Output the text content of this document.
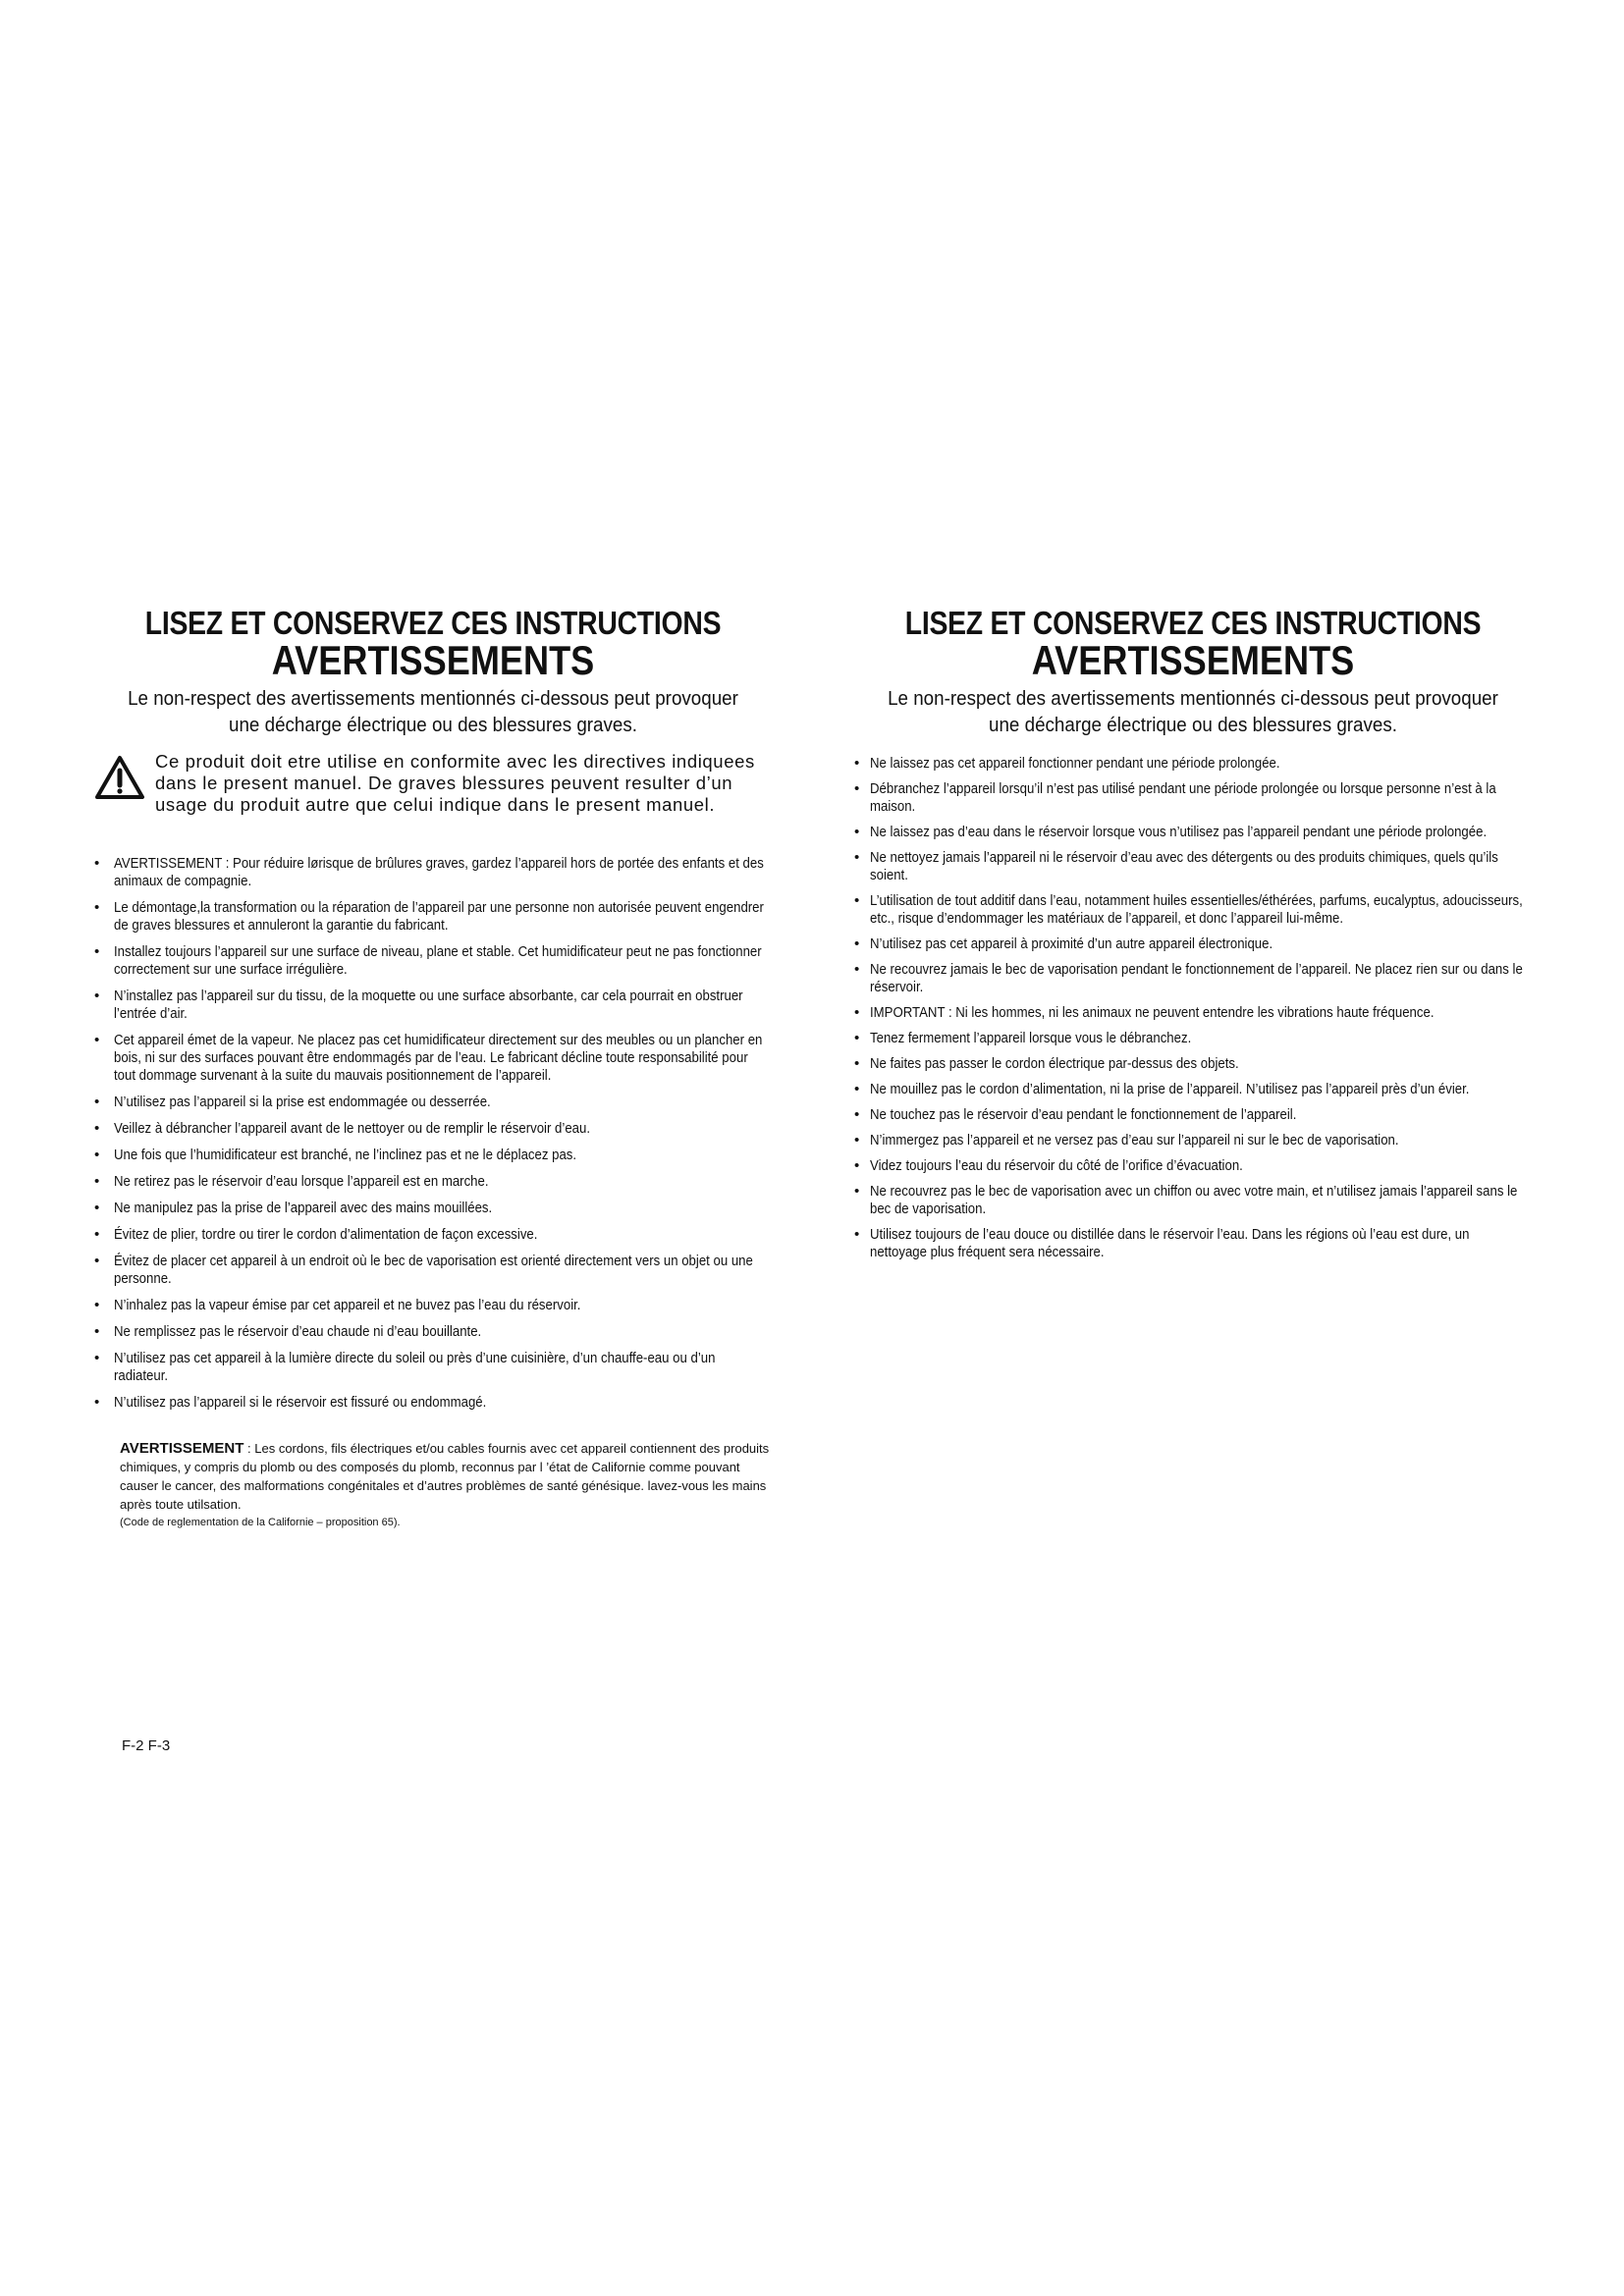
LISEZ ET CONSERVEZ CES INSTRUCTIONS
AVERTISSEMENTS

Le non-respect des avertissements mentionnés ci-dessous peut provoquer
une décharge électrique ou des blessures graves.

Ce produit doit etre utilise en conformite avec les directives indiquees dans le present manuel. De graves blessures peuvent resulter d’un usage du produit autre que celui indique dans le present manuel.
• AVERTISSEMENT : Pour réduire lørisque de brûlures graves, gardez l’appareil hors de portée des enfants et des animaux de compagnie.
• Le démontage,la transformation ou la réparation de l’appareil par une personne non autorisée peuvent engendrer de graves blessures et annuleront la garantie du fabricant.
• Installez toujours l’appareil sur une surface de niveau, plane et stable. Cet humidificateur peut ne pas fonctionner correctement sur une surface irrégulière.
• N’installez pas l’appareil sur du tissu, de la moquette ou une surface absorbante, car cela pourrait en obstruer l’entrée d’air.
• Cet appareil émet de la vapeur. Ne placez pas cet humidificateur directement sur des meubles ou un plancher en bois, ni sur des surfaces pouvant être endommagés par de l’eau. Le fabricant décline toute responsabilité pour tout dommage survenant à la suite du mauvais positionnement de l’appareil.
• N’utilisez pas l’appareil si la prise est endommagée ou desserrée.
• Veillez à débrancher l’appareil avant de le nettoyer ou de remplir le réservoir d’eau.
• Une fois que l’humidificateur est branché, ne l’inclinez pas et ne le déplacez pas.
• Ne retirez pas le réservoir d’eau lorsque l’appareil est en marche.
• Ne manipulez pas la prise de l’appareil avec des mains mouillées.
• Évitez de plier, tordre ou tirer le cordon d’alimentation de façon excessive.
• Évitez de placer cet appareil à un endroit où le bec de vaporisation est orienté directement vers un objet ou une personne.
• N’inhalez pas la vapeur émise par cet appareil et ne buvez pas l’eau du réservoir.
• Ne remplissez pas le réservoir d’eau chaude ni d’eau bouillante.
• N’utilisez pas cet appareil à la lumière directe du soleil ou près d’une cuisinière, d’un chauffe-eau ou d’un radiateur.
• N’utilisez pas l’appareil si le réservoir est fissuré ou endommagé.
AVERTISSEMENT : Les cordons, fils électriques et/ou cables fournis avec cet appareil contiennent des produits chimiques, y compris du plomb ou des composés du plomb, reconnus par l ’état de Californie comme pouvant causer le cancer, des malformations congénitales et d’autres problèmes de santé génésique. lavez-vous les mains après toute utilsation.
(Code de reglementation de la Californie – proposition 65).
LISEZ ET CONSERVEZ CES INSTRUCTIONS
AVERTISSEMENTS

Le non-respect des avertissements mentionnés ci-dessous peut provoquer
une décharge électrique ou des blessures graves.

• Ne laissez pas cet appareil fonctionner pendant une période prolongée.
• Débranchez l’appareil lorsqu’il n’est pas utilisé pendant une période prolongée ou lorsque personne n’est à la maison.
• Ne laissez pas d’eau dans le réservoir lorsque vous n’utilisez pas l’appareil pendant une période prolongée.
• Ne nettoyez jamais l’appareil ni le réservoir d’eau avec des détergents ou des produits chimiques, quels qu’ils soient.
• L’utilisation de tout additif dans l’eau, notamment huiles essentielles/éthérées, parfums, eucalyptus, adoucisseurs, etc., risque d’endommager les matériaux de l’appareil, et donc l’appareil lui-même.
• N’utilisez pas cet appareil à proximité d’un autre appareil électronique.
• Ne recouvrez jamais le bec de vaporisation pendant le fonctionnement de l’appareil. Ne placez rien sur ou dans le réservoir.
• IMPORTANT : Ni les hommes, ni les animaux ne peuvent entendre les vibrations haute fréquence.
• Tenez fermement l’appareil lorsque vous le débranchez.
• Ne faites pas passer le cordon électrique par-dessus des objets.
• Ne mouillez pas le cordon d’alimentation, ni la prise de l’appareil. N’utilisez pas l’appareil près d’un évier.
• Ne touchez pas le réservoir d’eau pendant le fonctionnement de l’appareil.
• N’immergez pas l’appareil et ne versez pas d’eau sur l’appareil ni sur le bec de vaporisation.
• Videz toujours l’eau du réservoir du côté de l’orifice d’évacuation.
• Ne recouvrez pas le bec de vaporisation avec un chiffon ou avec votre main, et n’utilisez jamais l’appareil sans le bec de vaporisation.
• Utilisez toujours de l’eau douce ou distillée dans le réservoir l’eau. Dans les régions où l’eau est dure, un nettoyage plus fréquent sera nécessaire.
F-2 F-3
